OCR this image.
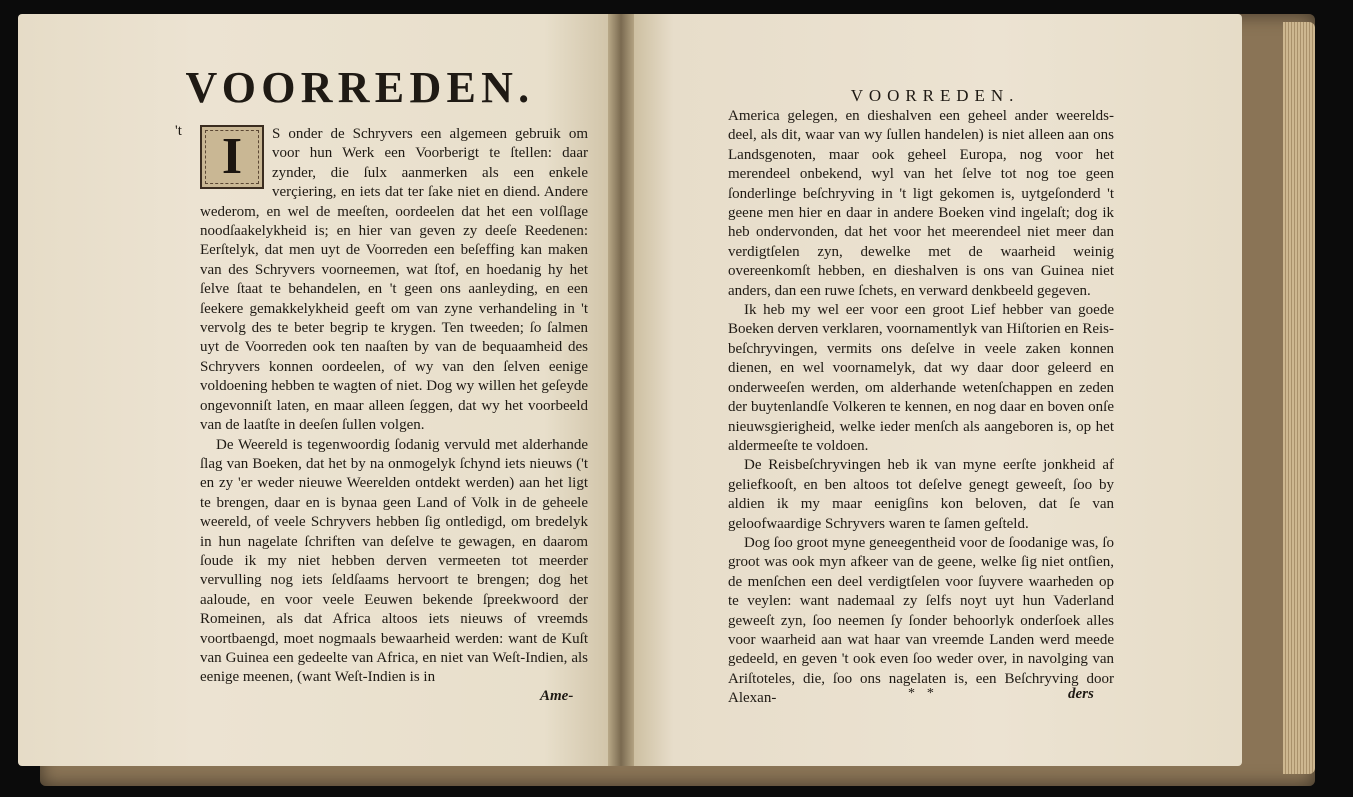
VOORREDEN.
't I	S onder de Schryvers een algemeen gebruik om voor hun Werk een Voorberigt te ſtellen: daar zynder, die ſulx aanmerken als een enkele verçiering, en iets dat ter ſake niet en diend. Andere wederom, en wel de meeſten, oordeelen dat het een volſlage noodſaakelykheid is; en hier van geven zy deeſe Reedenen: Eerſtelyk, dat men uyt de Voorreden een beſeffing kan maken van des Schryvers voorneemen, wat ſtof, en hoedanig hy het ſelve ſtaat te behandelen, en 't geen ons aanleyding, en een ſeekere gemakkelykheid geeft om van zyne verhandeling in 't vervolg des te beter begrip te krygen. Ten tweeden; ſo ſalmen uyt de Voorreden ook ten naaſten by van de bequaamheid des Schryvers konnen oordeelen, of wy van den ſelven eenige voldoening hebben te wagten of niet. Dog wy willen het geſeyde ongevonniſt laten, en maar alleen ſeggen, dat wy het voorbeeld van de laatſte in deeſen ſullen volgen.

De Weereld is tegenwoordig ſodanig vervuld met alderhande ſlag van Boeken, dat het by na onmogelyk ſchynd iets nieuws ('t en zy 'er weder nieuwe Weerelden ontdekt werden) aan het ligt te brengen, daar en is bynaa geen Land of Volk in de geheele weereld, of veele Schryvers hebben ſig ontledigd, om bredelyk in hun nagelate ſchriften van deſelve te gewagen, en daarom ſoude ik my niet hebben derven vermeeten tot meerder vervulling nog iets ſeldſaams hervoort te brengen; dog het aaloude, en voor veele Eeuwen bekende ſpreekwoord der Romeinen, als dat Africa altoos iets nieuws of vreemds voortbaengd, moet nogmaals bewaarheid werden: want de Kuſt van Guinea een gedeelte van Africa, en niet van Weſt-Indien, als eenige meenen, (want Weſt-Indien is in

Ame-
VOORREDEN.

America gelegen, en dieshalven een geheel ander weerelds-deel, als dit, waar van wy ſullen handelen) is niet alleen aan ons Landsgenoten, maar ook geheel Europa, nog voor het merendeel onbekend, wyl van het ſelve tot nog toe geen ſonderlinge beſchryving in 't ligt gekomen is, uytgeſonderd 't geene men hier en daar in andere Boeken vind ingelaſt; dog ik heb ondervonden, dat het voor het meerendeel niet meer dan verdigtſelen zyn, dewelke met de waarheid weinig overeenkomſt hebben, en dieshalven is ons van Guinea niet anders, dan een ruwe ſchets, en verward denkbeeld gegeven.

Ik heb my wel eer voor een groot Lief hebber van goede Boeken derven verklaren, voornamentlyk van Hiſtorien en Reis-beſchryvingen, vermits ons deſelve in veele zaken konnen dienen, en wel voornamelyk, dat wy daar door geleerd en onderweeſen werden, om alderhande wetenſchappen en zeden der buytenlandſe Volkeren te kennen, en nog daar en boven onſe nieuwsgierigheid, welke ieder menſch als aangeboren is, op het aldermeeſte te voldoen.

De Reisbeſchryvingen heb ik van myne eerſte jonkheid af geliefkooſt, en ben altoos tot deſelve genegt geweeſt, ſoo by aldien ik my maar eenigſins kon beloven, dat ſe van geloofwaardige Schryvers waren te ſamen geſteld.

Dog ſoo groot myne geneegentheid voor de ſoodanige was, ſo groot was ook myn afkeer van de geene, welke ſig niet ontſien, de menſchen een deel verdigtſelen voor ſuyvere waarheden op te veylen: want nademaal zy ſelfs noyt uyt hun Vaderland geweeſt zyn, ſoo neemen ſy ſonder behoorlyk onderſoek alles voor waarheid aan wat haar van vreemde Landen werd meede gedeeld, en geven 't ook even ſoo weder over, in navolging van Ariſtoteles, die, ſoo ons nagelaten is, een Beſchryving door Alexan-	* *	ders
